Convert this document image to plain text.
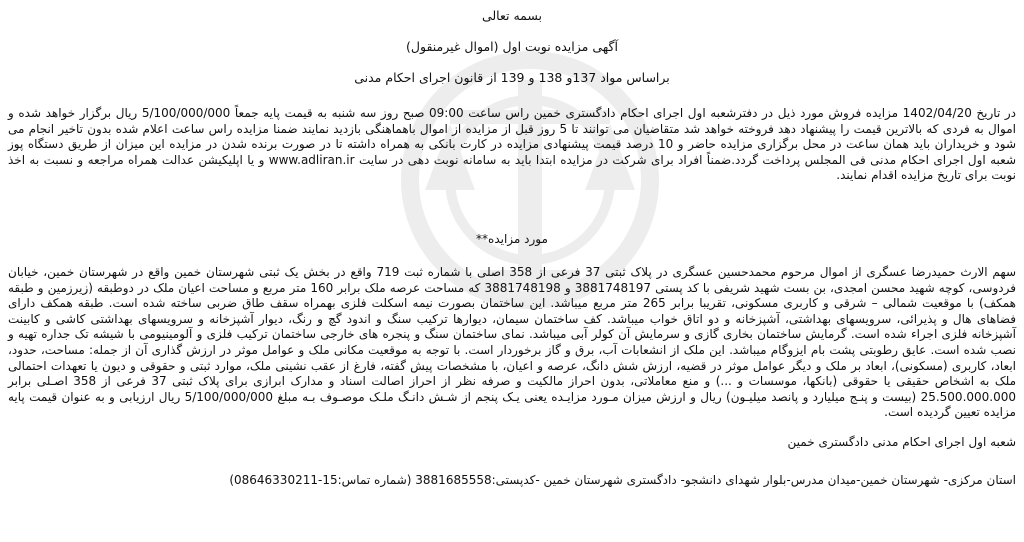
بسمه تعالی

آگهی مزایده نوبت اول (اموال غیرمنقول)

براساس مواد 137و 138 و 139 از قانون اجرای احکام مدنی

در تاریخ 1402/04/20 مزایده فروش مورد ذیل در دفترشعبه اول اجرای احکام دادگستری خمین راس ساعت 09:00 صبح روز سه شنبه به قیمت پایه جمعاً 5/100/000/000 ریال برگزار خواهد شده و اموال به فردی که بالاترین قیمت را پیشنهاد دهد فروخته خواهد شد متقاضیان می توانند تا 5 روز قبل از مزایده از اموال باهماهنگی بازدید نمایند ضمنا مزایده راس ساعت اعلام شده بدون تاخیر انجام می شود و خریداران باید همان ساعت در محل برگزاری مزایده حاضر و 10 درصد قیمت پیشنهادی مزایده در کارت بانکی به همراه داشته تا در صورت برنده شدن در مزایده این میزان از طریق دستگاه پوز شعبه اول اجرای احکام مدنی فی المجلس پرداخت گردد.ضمناً افراد برای شرکت در مزایده ابتدا باید به سامانه نوبت دهی در سایت www.adliran.ir و یا اپلیکیشن عدالت همراه مراجعه و نسبت به اخذ نوبت برای تاریخ مزایده اقدام نمایند.

مورد مزایده**

سهم الارث حمیدرضا عسگری از اموال مرحوم محمدحسین عسگری در پلاک ثبتی 37 فرعی از 358 اصلی با شماره ثبت 719 واقع در بخش یک ثبتی شهرستان خمین واقع در شهرستان خمین، خیابان فردوسی، کوچه شهید محسن امجدی، بن بست شهید شریفی با کد پستی 3881748197 و 3881748198 که مساحت عرصه ملک برابر 160 متر مربع و مساحت اعیان ملک در دوطبقه (زیرزمین و طبقه همکف) با موقعیت شمالی – شرقی و کاربری مسکونی، تقریبا برابر 265 متر مربع میباشد. این ساختمان بصورت نیمه اسکلت فلزی بهمراه سقف طاق ضربی ساخته شده است. طبقه همکف دارای فضاهای هال و پذیرائی، سرویسهای بهداشتی، آشپزخانه و دو اتاق خواب میباشد. کف ساختمان سیمان، دیوارها ترکیب سنگ و اندود گچ و رنگ، دیوار آشپزخانه و سرویسهای بهداشتی کاشی و کابینت آشپزخانه فلزی اجراء شده است. گرمایش ساختمان بخاری گازی و سرمایش آن کولر آبی میباشد. نمای ساختمان سنگ و پنجره های خارجی ساختمان ترکیب فلزی و آلومینیومی با شیشه تک جداره تهیه و نصب شده است. عایق رطوبتی پشت بام ایزوگام میباشد. این ملک از انشعابات آب، برق و گاز برخوردار است. با توجه به موقعیت مکانی ملک و عوامل موثر در ارزش گذاری آن از جمله: مساحت، حدود، ابعاد، کاربری (مسکونی)، ابعاد بر ملک و دیگر عوامل موثر در قضیه، ارزش شش دانگ، عرصه و اعیان، با مشخصات پیش گفته، فارغ از عقب نشینی ملک، موارد ثبتی و حقوقی و دیون یا تعهدات احتمالی ملک به اشخاص حقیقی یا حقوقی (بانکها، موسسات و ...) و منع معاملاتی، بدون احراز مالکیت و صرفه نظر از احراز اصالت اسناد و مدارک ابرازی برای پلاک ثبتی 37 فرعی از 358 اصـلی برابر 25.500.000.000 (بیست و پنـج میلیارد و پانصد میلیـون) ریال و ارزش میزان مـورد مزایـده یعنی یـک پنجم از شـش دانـگ ملـک موصـوف بـه مبلغ 5/100/000/000 ریال ارزیابی و به عنوان قیمت پایه مزایده تعیین گردیده است.

شعبه اول اجرای احکام مدنی دادگستری خمین

استان مرکزی- شهرستان خمین-میدان مدرس-بلوار شهدای دانشجو- دادگستری شهرستان خمین -کدپستی:3881685558 (شماره تماس:15-08646330211)
